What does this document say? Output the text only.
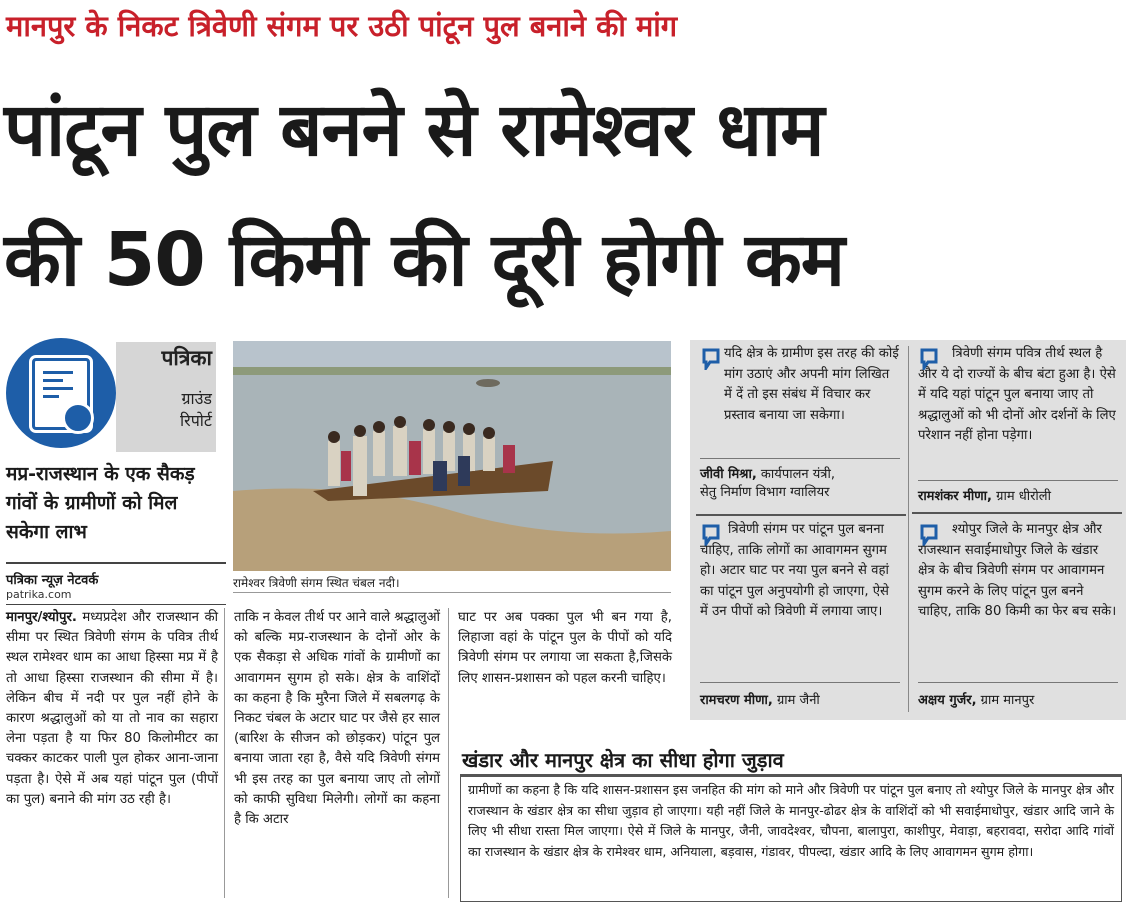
मानपुर के निकट त्रिवेणी संगम पर उठी पांटून पुल बनाने की मांग
पांटून पुल बनने से रामेश्वर धाम
की 50 किमी की दूरी होगी कम
पत्रिका
ग्राउंड
रिपोर्ट
मप्र-राजस्थान के एक सैकड़ गांवों के ग्रामीणों को मिल सकेगा लाभ
पत्रिका न्यूज़ नेटवर्क
patrika.com
मानपुर/श्योपुर. मध्यप्रदेश और राजस्थान की सीमा पर स्थित त्रिवेणी संगम के पवित्र तीर्थ स्थल रामेश्वर धाम का आधा हिस्सा मप्र में है तो आधा हिस्सा राजस्थान की सीमा में है। लेकिन बीच में नदी पर पुल नहीं होने के कारण श्रद्धालुओं को या तो नाव का सहारा लेना पड़ता है या फिर 80 किलोमीटर का चक्कर काटकर पाली पुल होकर आना-जाना पड़ता है। ऐसे में अब यहां पांटून पुल (पीपों का पुल) बनाने की मांग उठ रही है।
रामेश्वर त्रिवेणी संगम स्थित चंबल नदी।
ताकि न केवल तीर्थ पर आने वाले श्रद्धालुओं को बल्कि मप्र-राजस्थान के दोनों ओर के एक सैकड़ा से अधिक गांवों के ग्रामीणों का आवागमन सुगम हो सके। क्षेत्र के वाशिंदों का कहना है कि मुरैना जिले में सबलगढ़ के निकट चंबल के अटार घाट पर जैसे हर साल (बारिश के सीजन को छोड़कर) पांटून पुल बनाया जाता रहा है, वैसे यदि त्रिवेणी संगम भी इस तरह का पुल बनाया जाए तो लोगों को काफी सुविधा मिलेगी। लोगों का कहना है कि अटार
घाट पर अब पक्का पुल भी बन गया है, लिहाजा वहां के पांटून पुल के पीपों को यदि त्रिवेणी संगम पर लगाया जा सकता है,जिसके लिए शासन-प्रशासन को पहल करनी चाहिए।
यदि क्षेत्र के ग्रामीण इस तरह की कोई मांग उठाएं और अपनी मांग लिखित में दें तो इस संबंध में विचार कर प्रस्ताव बनाया जा सकेगा।
जीवी मिश्रा, कार्यपालन यंत्री,
सेतु निर्माण विभाग ग्वालियर
त्रिवेणी संगम पवित्र तीर्थ स्थल है और ये दो राज्यों के बीच बंटा हुआ है। ऐसे में यदि यहां पांटून पुल बनाया जाए तो श्रद्धालुओं को भी दोनों ओर दर्शनों के लिए परेशान नहीं होना पड़ेगा।
रामशंकर मीणा, ग्राम धीरोली
त्रिवेणी संगम पर पांटून पुल बनना चाहिए, ताकि लोगों का आवागमन सुगम हो। अटार घाट पर नया पुल बनने से वहां का पांटून पुल अनुपयोगी हो जाएगा, ऐसे में उन पीपों को त्रिवेणी में लगाया जाए।
रामचरण मीणा, ग्राम जैनी
श्योपुर जिले के मानपुर क्षेत्र और राजस्थान सवाईमाधोपुर जिले के खंडार क्षेत्र के बीच त्रिवेणी संगम पर आवागमन सुगम करने के लिए पांटून पुल बनने चाहिए, ताकि 80 किमी का फेर बच सके।
अक्षय गुर्जर, ग्राम मानपुर
खंडार और मानपुर क्षेत्र का सीधा होगा जुड़ाव
ग्रामीणों का कहना है कि यदि शासन-प्रशासन इस जनहित की मांग को माने और त्रिवेणी पर पांटून पुल बनाए तो श्योपुर जिले के मानपुर क्षेत्र और राजस्थान के खंडार क्षेत्र का सीधा जुड़ाव हो जाएगा। यही नहीं जिले के मानपुर-ढोढर क्षेत्र के वाशिंदों को भी सवाईमाधोपुर, खंडार आदि जाने के लिए भी सीधा रास्ता मिल जाएगा। ऐसे में जिले के मानपुर, जैनी, जावदेश्वर, चौपना, बालापुरा, काशीपुर, मेवाड़ा, बहरावदा, सरोदा आदि गांवों का राजस्थान के खंडार क्षेत्र के रामेश्वर धाम, अनियाला, बड़वास, गंडावर, पीपल्दा, खंडार आदि के लिए आवागमन सुगम होगा।
